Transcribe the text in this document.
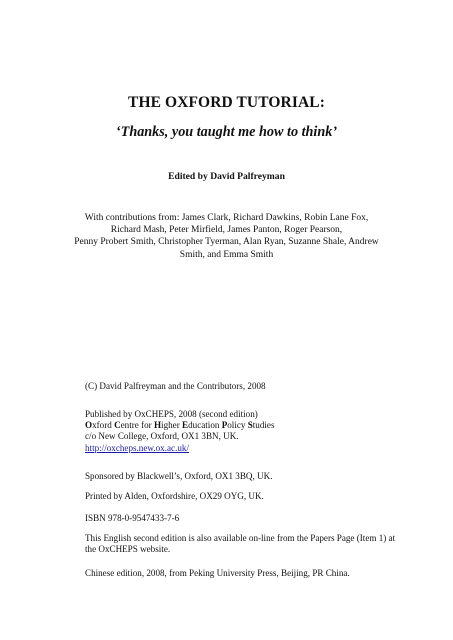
THE OXFORD TUTORIAL:
‘Thanks, you taught me how to think’
Edited by David Palfreyman
With contributions from: James Clark, Richard Dawkins, Robin Lane Fox,
Richard Mash, Peter Mirfield, James Panton, Roger Pearson,
Penny Probert Smith, Christopher Tyerman, Alan Ryan, Suzanne Shale, Andrew
Smith, and Emma Smith
(C) David Palfreyman and the Contributors, 2008
Published by OxCHEPS, 2008 (second edition)
Oxford Centre for Higher Education Policy Studies
c/o New College, Oxford, OX1 3BN, UK.
http://oxcheps.new.ox.ac.uk/
Sponsored by Blackwell’s, Oxford, OX1 3BQ, UK.
Printed by Alden, Oxfordshire, OX29 OYG, UK.
ISBN 978-0-9547433-7-6
This English second edition is also available on-line from the Papers Page (Item 1) at
the OxCHEPS website.
Chinese edition, 2008, from Peking University Press, Beijing, PR China.
